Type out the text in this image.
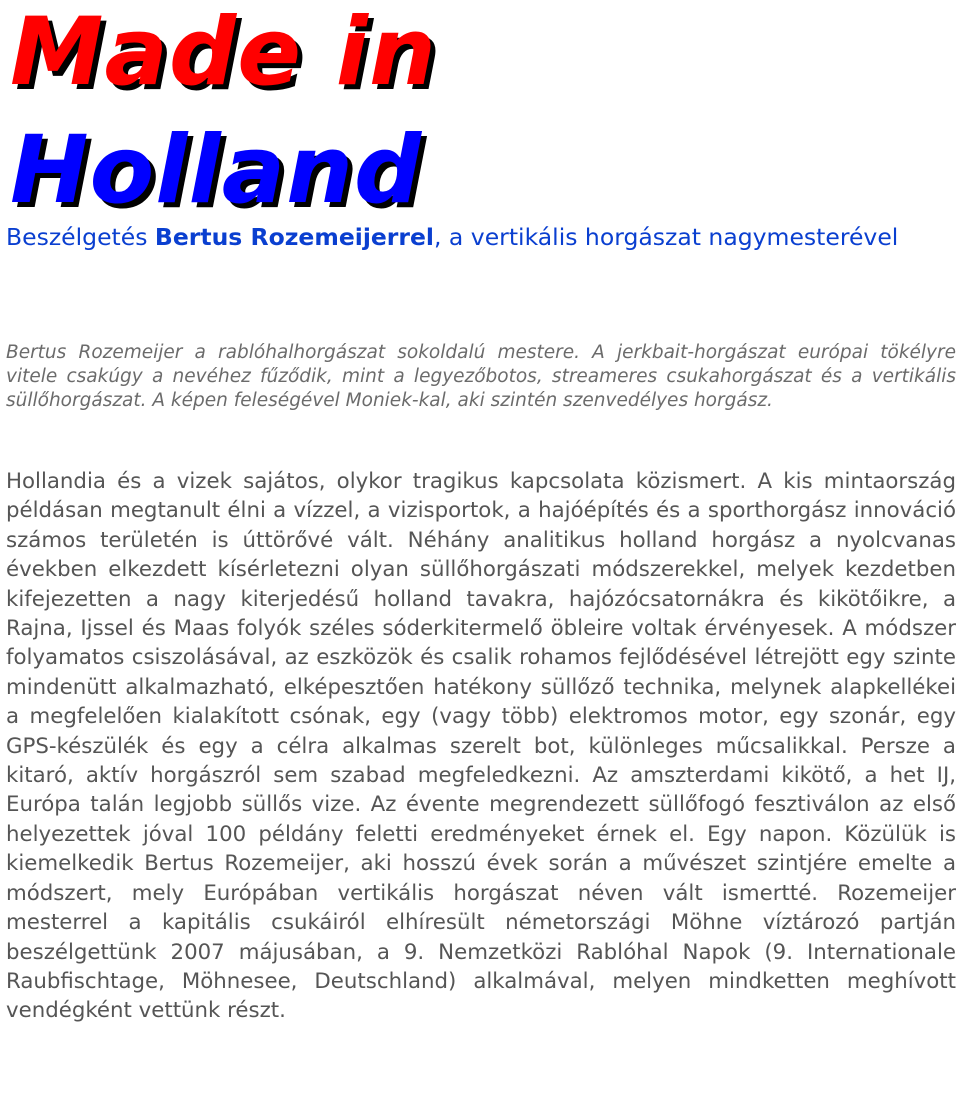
Made in
Holland

Beszélgetés Bertus Rozemeijerrel, a vertikális horgászat nagymesterével

Bertus Rozemeijer a rablóhalhorgászat sokoldalú mestere. A jerkbait-horgászat európai tökélyre vitele csakúgy a nevéhez fűződik, mint a legyezőbotos, streameres csukahorgászat és a vertikális süllőhorgászat. A képen feleségével Moniek-kal, aki szintén szenvedélyes horgász.

Hollandia és a vizek sajátos, olykor tragikus kapcsolata közismert. A kis mintaország példásan megtanult élni a vízzel, a vizisportok, a hajóépítés és a sporthorgász innováció számos területén is úttörővé vált. Néhány analitikus holland horgász a nyolcvanas években elkezdett kísérletezni olyan süllőhorgászati módszerekkel, melyek kezdetben kifejezetten a nagy kiterjedésű holland tavakra, hajózócsatornákra és kikötőikre, a Rajna, Ijssel és Maas folyók széles sóderkitermelő öbleire voltak érvényesek. A módszer folyamatos csiszolásával, az eszközök és csalik rohamos fejlődésével létrejött egy szinte mindenütt alkalmazható, elképesztően hatékony süllőző technika, melynek alapkellékei a megfelelően kialakított csónak, egy (vagy több) elektromos motor, egy szonár, egy GPS-készülék és egy a célra alkalmas szerelt bot, különleges műcsalikkal. Persze a kitaró, aktív horgászról sem szabad megfeledkezni. Az amszterdami kikötő, a het IJ, Európa talán legjobb süllős vize. Az évente megrendezett süllőfogó fesztiválon az első helyezettek jóval 100 példány feletti eredményeket érnek el. Egy napon. Közülük is kiemelkedik Bertus Rozemeijer, aki hosszú évek során a művészet szintjére emelte a módszert, mely Európában vertikális horgászat néven vált ismertté. Rozemeijer mesterrel a kapitális csukáiról elhíresült németországi Möhne víztározó partján beszélgettünk 2007 májusában, a 9. Nemzetközi Rablóhal Napok (9. Internationale Raubfischtage, Möhnesee, Deutschland) alkalmával, melyen mindketten meghívott vendégként vettünk részt.
